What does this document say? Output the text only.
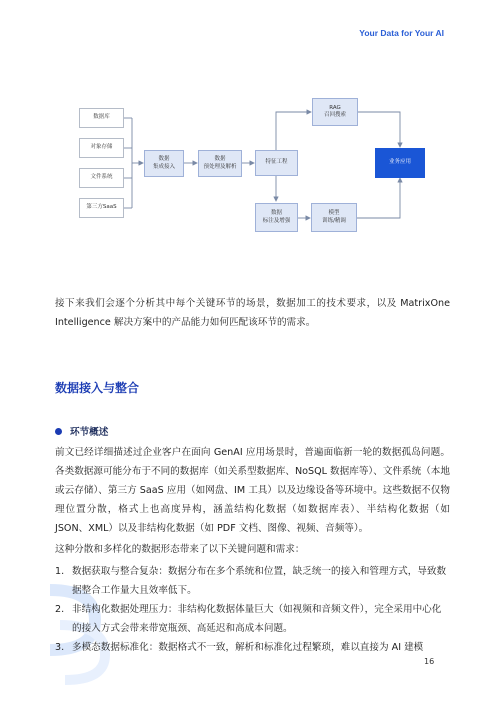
Your Data for Your AI
数据库
对象存储
文件系统
第三方SaaS
数据
集成接入
数据
预处理及解析
特征工程
RAG
召回搜索
业务应用
数据
标注及增强
模型
训练/精调

接下来我们会逐个分析其中每个关键环节的场景，数据加工的技术要求，以及 MatrixOne Intelligence 解决方案中的产品能力如何匹配该环节的需求。

数据接入与整合
环节概述

前文已经详细描述过企业客户在面向 GenAI 应用场景时，普遍面临新一轮的数据孤岛问题。各类数据源可能分布于不同的数据库（如关系型数据库、NoSQL 数据库等）、文件系统（本地或云存储）、第三方 SaaS 应用（如网盘、IM 工具）以及边缘设备等环境中。这些数据不仅物理位置分散，格式上也高度异构，涵盖结构化数据（如数据库表）、半结构化数据（如 JSON、XML）以及非结构化数据（如 PDF 文档、图像、视频、音频等）。

这种分散和多样化的数据形态带来了以下关键问题和需求：

1. 数据获取与整合复杂：数据分布在多个系统和位置，缺乏统一的接入和管理方式，导致数据整合工作量大且效率低下。
2. 非结构化数据处理压力：非结构化数据体量巨大（如视频和音频文件），完全采用中心化的接入方式会带来带宽瓶颈、高延迟和高成本问题。
3. 多模态数据标准化：数据格式不一致，解析和标准化过程繁琐，难以直接为 AI 建模
16
